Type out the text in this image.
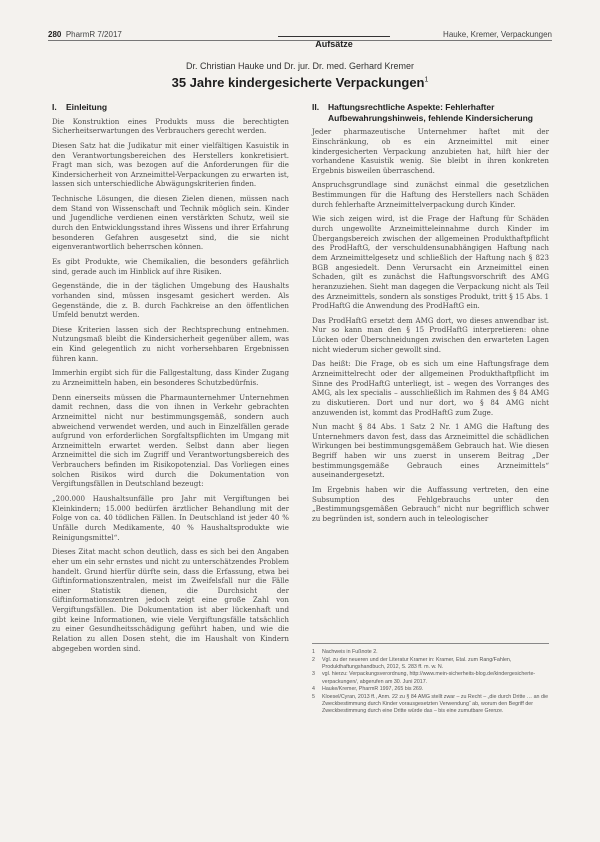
280 PharmR 7/2017
Aufsätze
Hauke, Kremer, Verpackungen
Dr. Christian Hauke und Dr. jur. Dr. med. Gerhard Kremer
35 Jahre kindergesicherte Verpackungen$^1$
I. Einleitung

Die Konstruktion eines Produkts muss die berechtigten Sicherheitserwartungen des Verbrauchers gerecht werden.

Diesen Satz hat die Judikatur mit einer vielfältigen Kasuistik in den Verantwortungsbereichen des Herstellers konkretisiert. Fragt man sich, was bezogen auf die Anforderungen für die Kindersicherheit von Arzneimittel-Verpackungen zu erwarten ist, lassen sich unterschiedliche Abwägungskriterien finden.

Technische Lösungen, die diesen Zielen dienen, müssen nach dem Stand von Wissenschaft und Technik möglich sein. Kinder und Jugendliche verdienen einen verstärkten Schutz, weil sie durch den Entwicklungsstand ihres Wissens und ihrer Erfahrung besonderen Gefahren ausgesetzt sind, die sie nicht eigenverantwortlich beherrschen können.

Es gibt Produkte, wie Chemikalien, die besonders gefährlich sind, gerade auch im Hinblick auf ihre Risiken.

Gegenstände, die in der täglichen Umgebung des Haushalts vorhanden sind, müssen insgesamt gesichert werden. Als Gegenstände, die z. B. durch Fachkreise an den öffentlichen Umfeld benutzt werden.

Diese Kriterien lassen sich der Rechtsprechung entnehmen. Nutzungsmaß bleibt die Kindersicherheit gegenüber allem, was ein Kind gelegentlich zu nicht vorhersehbaren Ergebnissen führen kann.

Immerhin ergibt sich für die Fallgestaltung, dass Kinder Zugang zu Arzneimitteln haben, ein besonderes Schutzbedürfnis.

Denn einerseits müssen die Pharmaunternehmer Unternehmen damit rechnen, dass die von ihnen in Verkehr gebrachten Arzneimittel nicht nur bestimmungsgemäß, sondern auch abweichend verwendet werden, und auch in Einzelfällen gerade aufgrund von erforderlichen Sorgfaltspflichten im Umgang mit Arzneimitteln erwartet werden. Selbst dann aber liegen Arzneimittel die sich im Zugriff und Verantwortungsbereich des Verbrauchers befinden im Risikopotenzial. Das Vorliegen eines solchen Risikos wird durch die Dokumentation von Vergiftungsfällen in Deutschland bezeugt:

„200.000 Haushaltsunfälle pro Jahr mit Vergiftungen bei Kleinkindern; 15.000 bedürfen ärztlicher Behandlung mit der Folge von ca. 40 tödlichen Fällen. In Deutschland ist jeder 40 % Unfälle durch Medikamente, 40 % Haushaltsprodukte wie Reinigungsmittel“.

Dieses Zitat macht schon deutlich, dass es sich bei den Angaben eher um ein sehr ernstes und nicht zu unterschätzendes Problem handelt. Grund hierfür dürfte sein, dass die Erfassung, etwa bei Giftinformationszentralen, meist im Zweifelsfall nur die Fälle einer Statistik dienen, die Durchsicht der Giftinformationszentren jedoch zeigt eine große Zahl von Vergiftungsfällen. Die Dokumentation ist aber lückenhaft und gibt keine Informationen, wie viele Vergiftungsfälle tatsächlich zu einer Gesundheitsschädigung geführt haben, und wie die Relation zu allen Dosen steht, die im Haushalt von Kindern abgegeben worden sind.

II.	Haftungsrechtliche Aspekte: Fehlerhafter Aufbewahrungshinweis, fehlende Kindersicherung

Jeder pharmazeutische Unternehmer haftet mit der Einschränkung, ob es ein Arzneimittel mit einer kindergesicherten Verpackung anzubieten hat, hilft hier der vorhandene Kasuistik wenig. Sie bleibt in ihren konkreten Ergebnis bisweilen überraschend.

Anspruchsgrundlage sind zunächst einmal die gesetzlichen Bestimmungen für die Haftung des Herstellers nach Schäden durch fehlerhafte Arzneimittelverpackung durch Kinder.

Wie sich zeigen wird, ist die Frage der Haftung für Schäden durch ungewollte Arzneimitteleinnahme durch Kinder im Übergangsbereich zwischen der allgemeinen Produkthaftpflicht des ProdHaftG, der verschuldensunabhängigen Haftung nach dem Arzneimittelgesetz und schließlich der Haftung nach § 823 BGB angesiedelt. Denn Verursacht ein Arzneimittel einen Schaden, gilt es zunächst die Haftungsvorschrift des AMG heranzuziehen. Sieht man dagegen die Verpackung nicht als Teil des Arzneimittels, sondern als sonstiges Produkt, tritt § 15 Abs. 1 ProdHaftG die Anwendung des ProdHaftG ein.

Das ProdHaftG ersetzt dem AMG dort, wo dieses anwendbar ist. Nur so kann man den § 15 ProdHaftG interpretieren: ohne Lücken oder Überschneidungen zwischen den erwarteten Lagen nicht wiederum sicher gewollt sind.

Das heißt: Die Frage, ob es sich um eine Haftungsfrage dem Arzneimittelrecht oder der allgemeinen Produkthaftpflicht im Sinne des ProdHaftG unterliegt, ist – wegen des Vorranges des AMG, als lex specialis – ausschließlich im Rahmen des § 84 AMG zu diskutieren. Dort und nur dort, wo § 84 AMG nicht anzuwenden ist, kommt das ProdHaftG zum Zuge.

Nun macht § 84 Abs. 1 Satz 2 Nr. 1 AMG die Haftung des Unternehmers davon fest, dass das Arzneimittel die schädlichen Wirkungen bei bestimmungsgemäßem Gebrauch hat. Wie diesen Begriff haben wir uns zuerst in unserem Beitrag „Der bestimmungsgemäße Gebrauch eines Arzneimittels“ auseinandergesetzt.

Im Ergebnis haben wir die Auffassung vertreten, den eine Subsumption des Fehlgebrauchs unter den „Bestimmungsgemäßen Gebrauch“ nicht nur begrifflich schwer zu begründen ist, sondern auch in teleologischer

1	Nachweis in Fußnote 2.
2	Vgl. zu der neueren und der Literatur Kramer in: Kramer, Etal. zum Rang/Fahlen, Produkthaftungshandbuch, 2012, S. 283 ff. m. w. N.
3	vgl. hierzu: Verpackungsverordnung, http://www.mein-sicherheits-blog.de/kindergesicherte-verpackungen/, abgerufen am 30. Juni 2017.
4	Hauke/Kremer, PharmR 1997, 265 bis 269.
5	Kloesel/Cyran, 2013 ff., Anm. 22 zu § 84 AMG stellt zwar – zu Recht – „die durch Dritte … an die Zweckbestimmung durch Kinder vorausgesetzten Verwendung“ ab, worum den Begriff der Zweckbestimmung durch eine Dritte würde das – bis eine zumutbare Grenze.
